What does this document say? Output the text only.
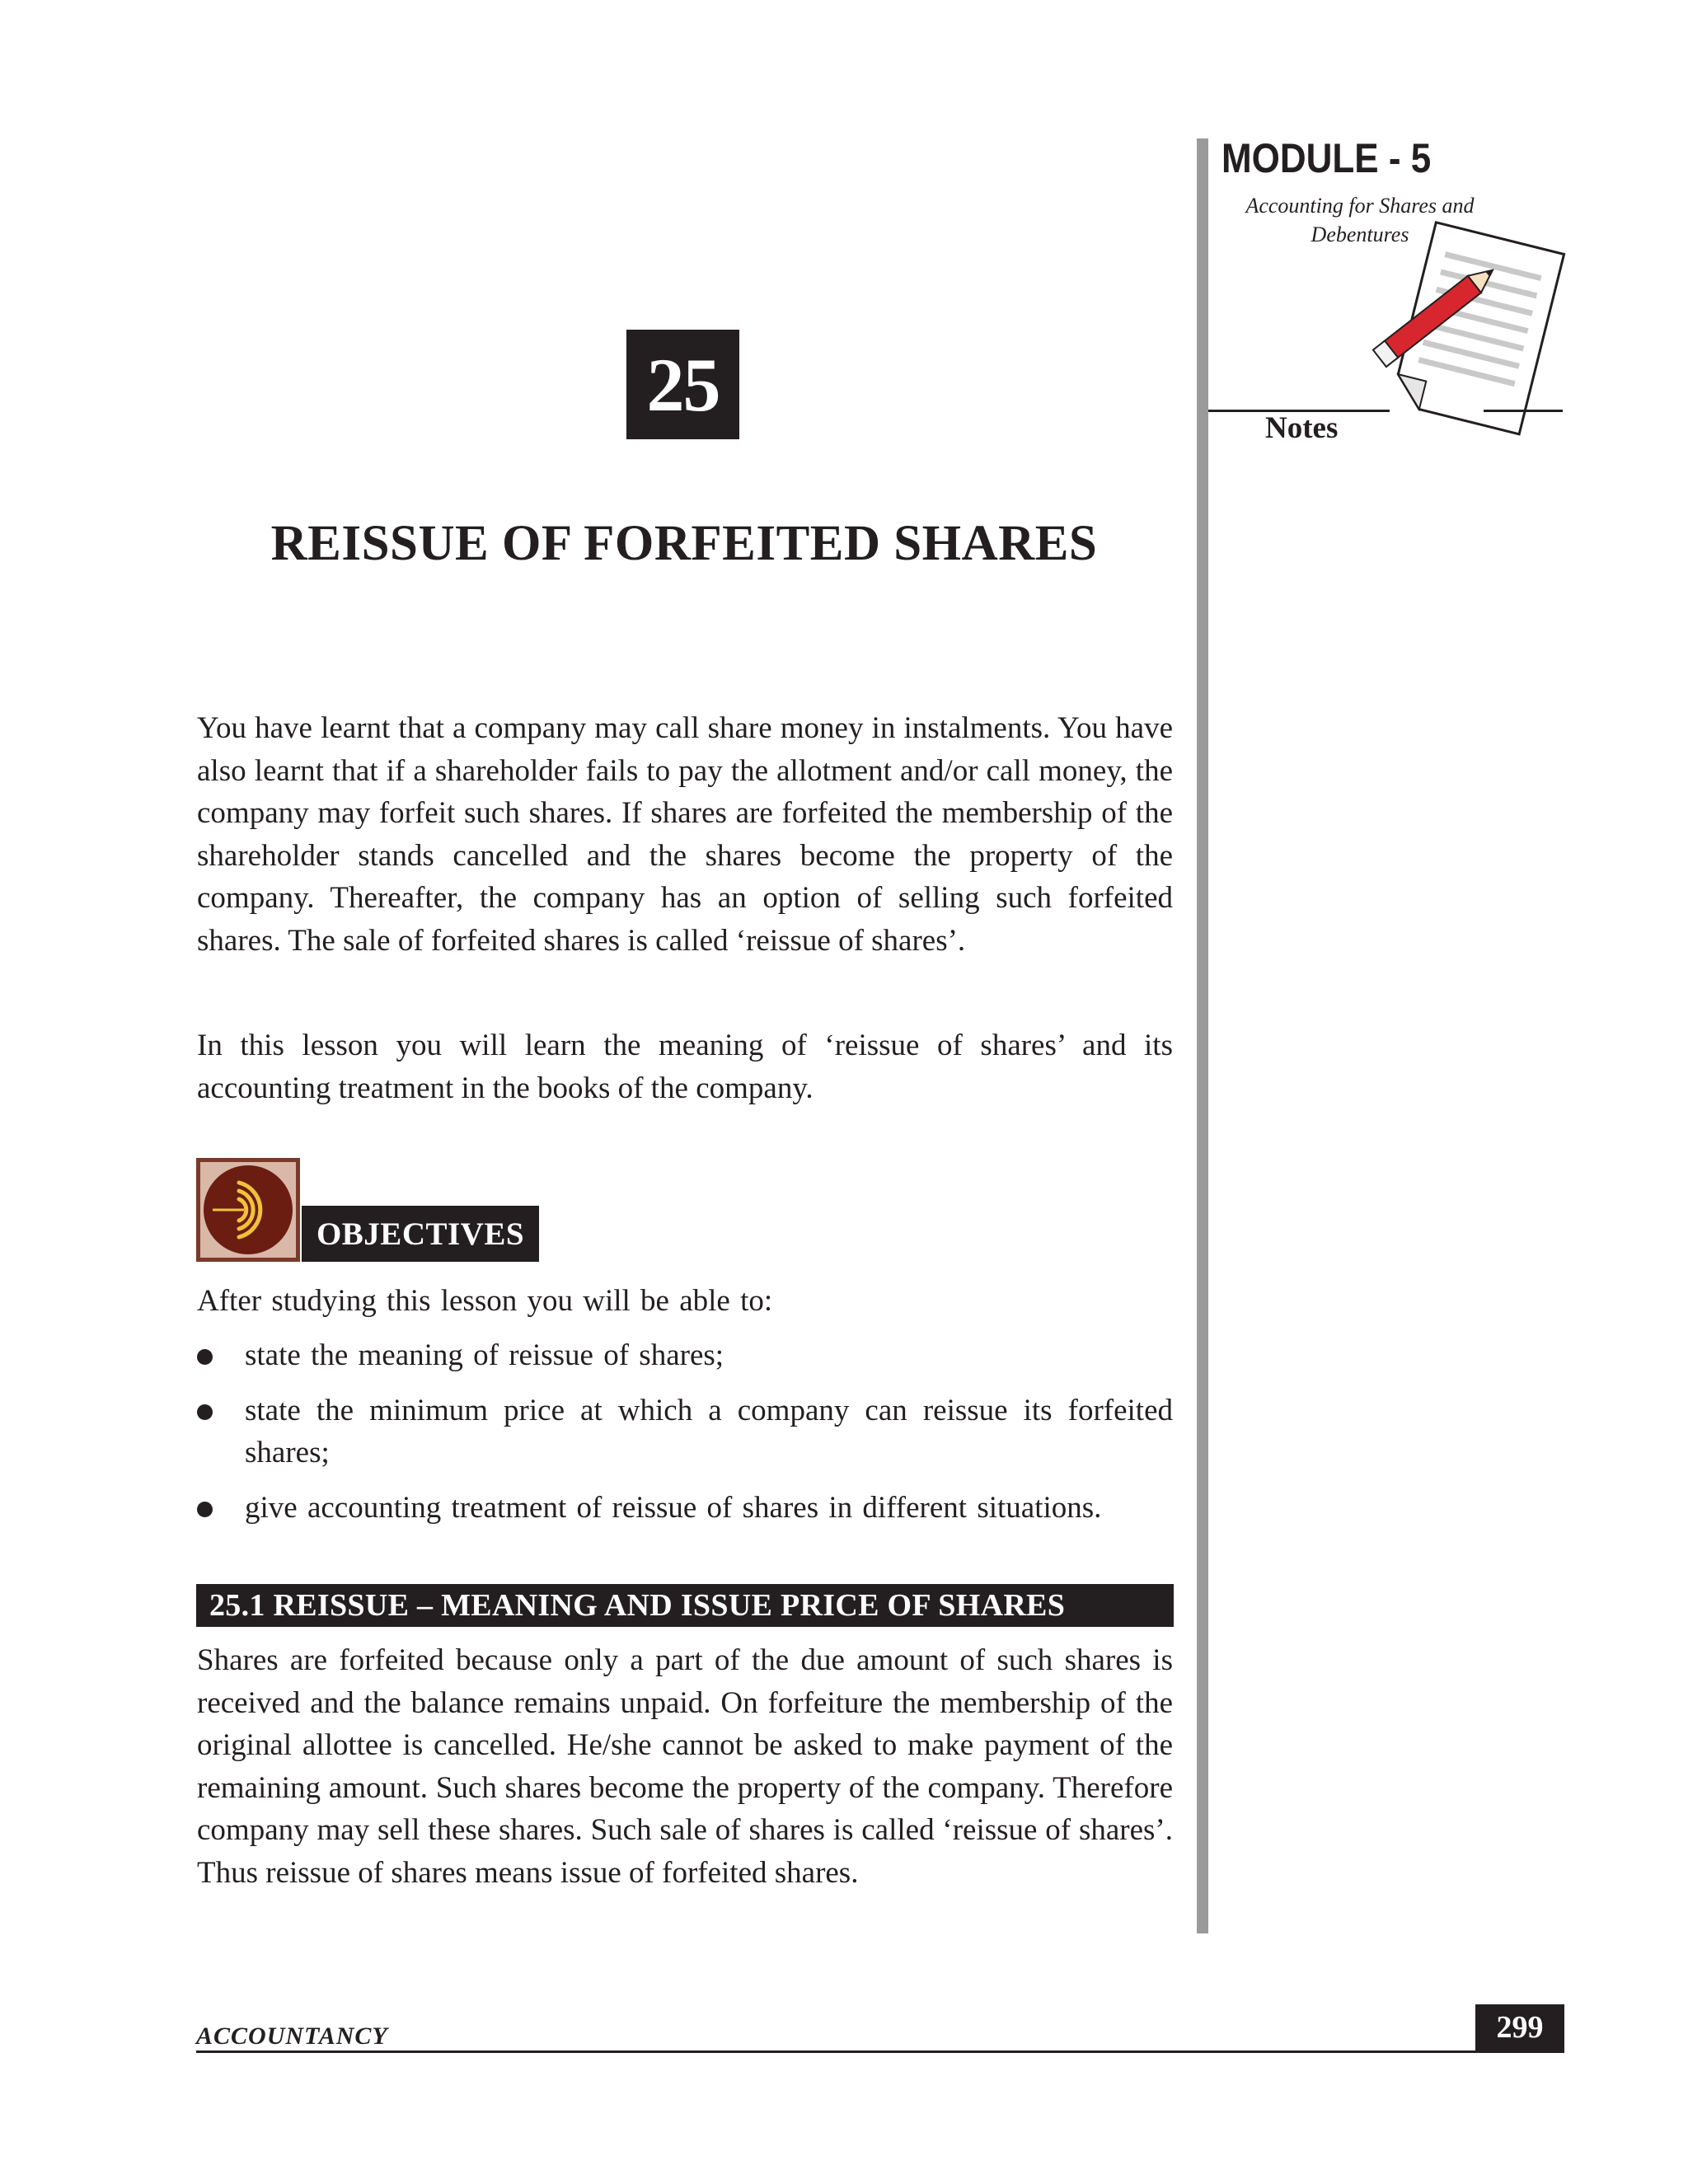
MODULE - 5
Accounting for Shares and
Debentures
Notes
25
REISSUE OF FORFEITED SHARES

You have learnt that a company may call share money in instalments. You have also learnt that if a shareholder fails to pay the allotment and/or call money, the company may forfeit such shares. If shares are forfeited the membership of the shareholder stands cancelled and the shares become the property of the company. Thereafter, the company has an option of selling such forfeited shares. The sale of forfeited shares is called ‘reissue of shares’.

In this lesson you will learn the meaning of ‘reissue of shares’ and its accounting treatment in the books of the company.

OBJECTIVES
After studying this lesson you will be able to:
state the meaning of reissue of shares;
state the minimum price at which a company can reissue its forfeited shares;
give accounting treatment of reissue of shares in different situations.
25.1 REISSUE – MEANING AND ISSUE PRICE OF SHARES

Shares are forfeited because only a part of the due amount of such shares is received and the balance remains unpaid. On forfeiture the membership of the original allottee is cancelled. He/she cannot be asked to make payment of the remaining amount. Such shares become the property of the company. Therefore company may sell these shares. Such sale of shares is called ‘reissue of shares’. Thus reissue of shares means issue of forfeited shares.

ACCOUNTANCY	299
